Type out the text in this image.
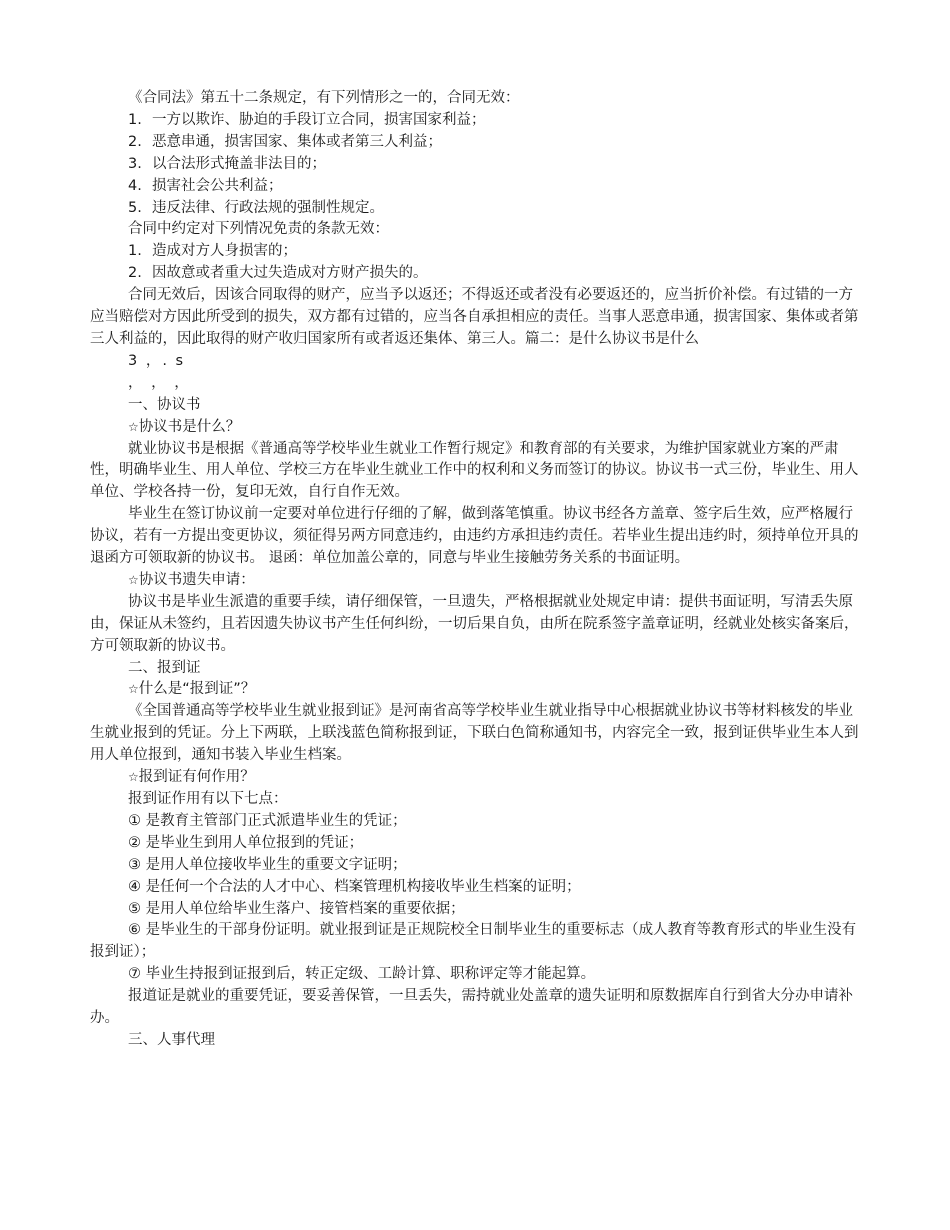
《合同法》第五十二条规定，有下列情形之一的，合同无效：

1. 一方以欺诈、胁迫的手段订立合同，损害国家利益；

2. 恶意串通，损害国家、集体或者第三人利益；

3. 以合法形式掩盖非法目的；

4. 损害社会公共利益；

5. 违反法律、行政法规的强制性规定。

合同中约定对下列情况免责的条款无效：

1. 造成对方人身损害的；

2. 因故意或者重大过失造成对方财产损失的。

合同无效后，因该合同取得的财产，应当予以返还；不得返还或者没有必要返还的，应当折价补偿。有过错的一方应当赔偿对方因此所受到的损失，双方都有过错的，应当各自承担相应的责任。当事人恶意串通，损害国家、集体或者第三人利益的，因此取得的财产收归国家所有或者返还集体、第三人。篇二：是什么协议书是什么

3 ，. s

， ， ，

一、协议书

☆协议书是什么？

就业协议书是根据《普通高等学校毕业生就业工作暂行规定》和教育部的有关要求，为维护国家就业方案的严肃性，明确毕业生、用人单位、学校三方在毕业生就业工作中的权利和义务而签订的协议。协议书一式三份，毕业生、用人单位、学校各持一份，复印无效，自行自作无效。

毕业生在签订协议前一定要对单位进行仔细的了解，做到落笔慎重。协议书经各方盖章、签字后生效，应严格履行协议，若有一方提出变更协议，须征得另两方同意违约，由违约方承担违约责任。若毕业生提出违约时，须持单位开具的退函方可领取新的协议书。 退函：单位加盖公章的，同意与毕业生接触劳务关系的书面证明。

☆协议书遗失申请：

协议书是毕业生派遣的重要手续，请仔细保管，一旦遗失，严格根据就业处规定申请：提供书面证明，写清丢失原由，保证从未签约，且若因遗失协议书产生任何纠纷，一切后果自负，由所在院系签字盖章证明，经就业处核实备案后，方可领取新的协议书。

二、报到证

☆什么是“报到证”？

《全国普通高等学校毕业生就业报到证》是河南省高等学校毕业生就业指导中心根据就业协议书等材料核发的毕业生就业报到的凭证。分上下两联，上联浅蓝色简称报到证，下联白色简称通知书，内容完全一致，报到证供毕业生本人到用人单位报到，通知书装入毕业生档案。

☆报到证有何作用？

报到证作用有以下七点：

① 是教育主管部门正式派遣毕业生的凭证；

② 是毕业生到用人单位报到的凭证；

③ 是用人单位接收毕业生的重要文字证明；

④ 是任何一个合法的人才中心、档案管理机构接收毕业生档案的证明；

⑤ 是用人单位给毕业生落户、接管档案的重要依据；

⑥ 是毕业生的干部身份证明。就业报到证是正规院校全日制毕业生的重要标志（成人教育等教育形式的毕业生没有报到证）；

⑦ 毕业生持报到证报到后，转正定级、工龄计算、职称评定等才能起算。

报道证是就业的重要凭证，要妥善保管，一旦丢失，需持就业处盖章的遗失证明和原数据库自行到省大分办申请补办。

三、人事代理
